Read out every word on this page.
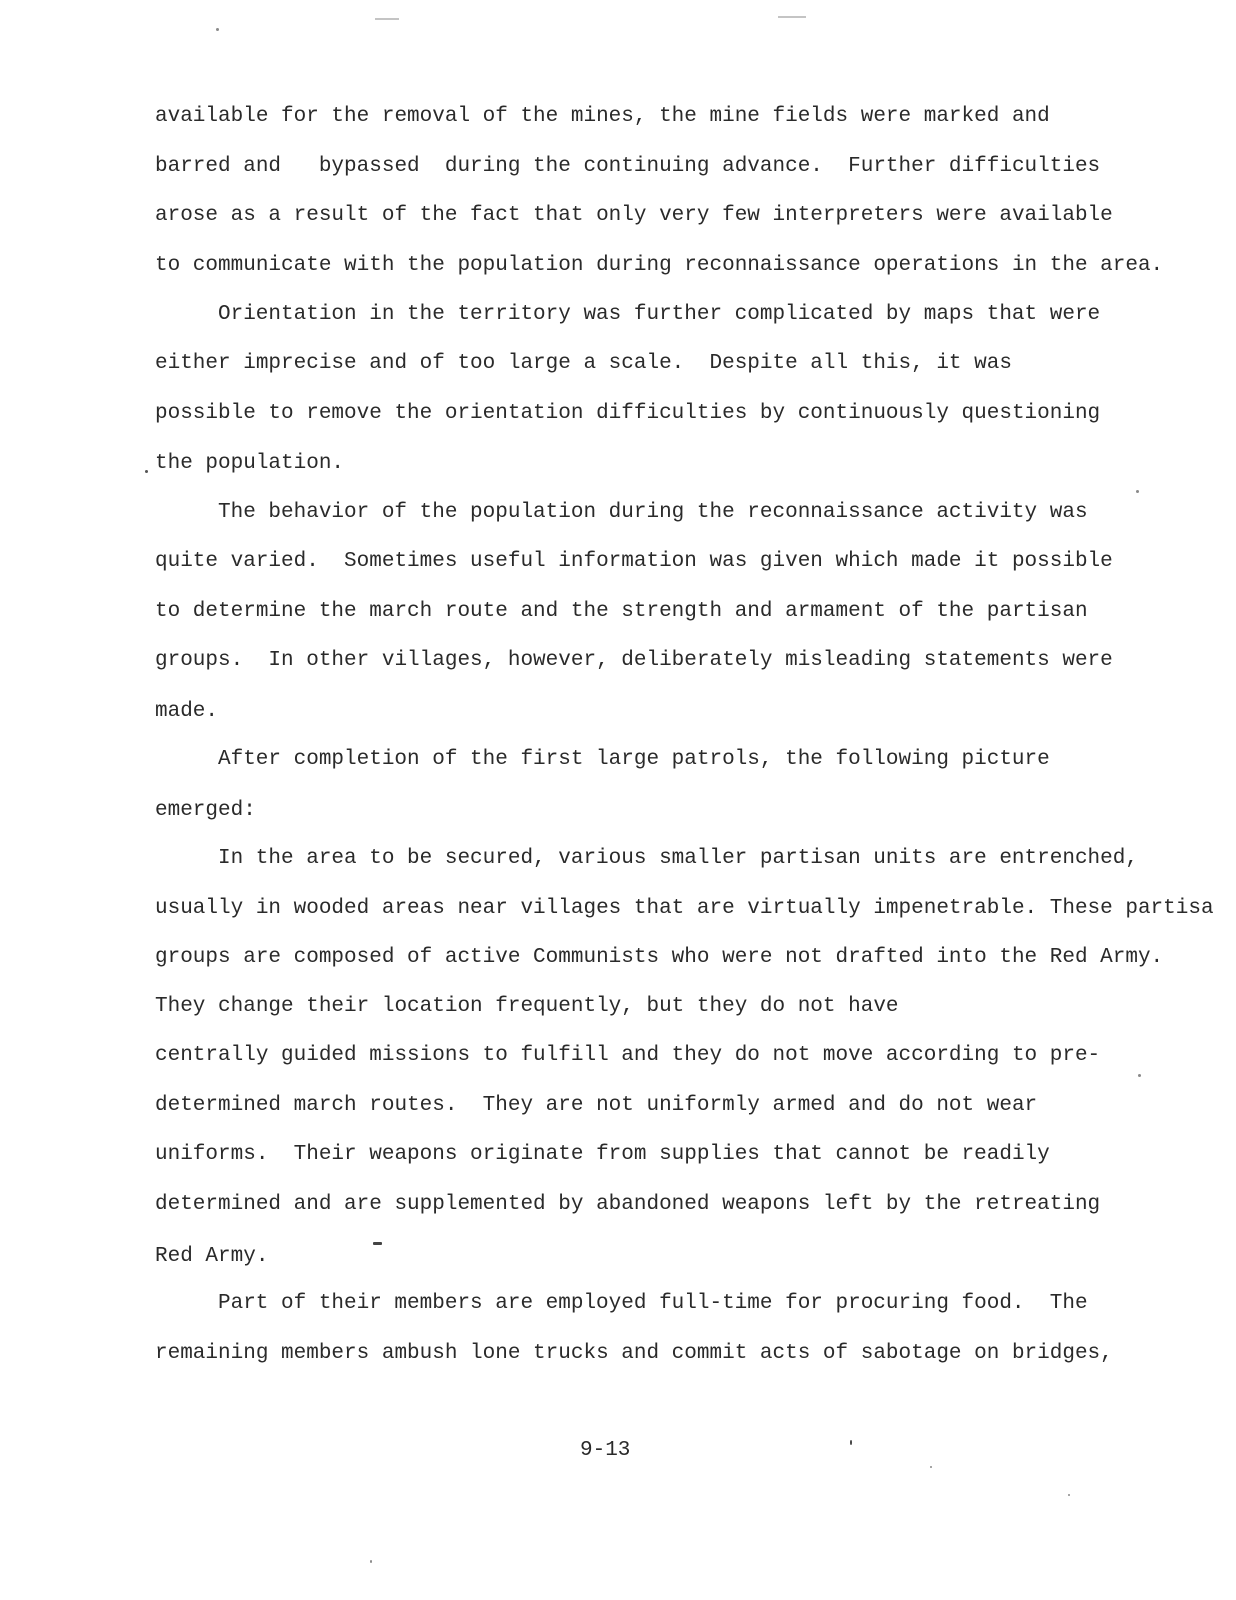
available for the removal of the mines, the mine fields were marked and
barred and   bypassed  during the continuing advance.  Further difficulties
arose as a result of the fact that only very few interpreters were available
to communicate with the population during reconnaissance operations in the area.
Orientation in the territory was further complicated by maps that were
either imprecise and of too large a scale.  Despite all this, it was
possible to remove the orientation difficulties by continuously questioning
the population.
The behavior of the population during the reconnaissance activity was
quite varied.  Sometimes useful information was given which made it possible
to determine the march route and the strength and armament of the partisan
groups.  In other villages, however, deliberately misleading statements were
made.
After completion of the first large patrols, the following picture
emerged:
In the area to be secured, various smaller partisan units are entrenched,
usually in wooded areas near villages that are virtually impenetrable. These partisa
groups are composed of active Communists who were not drafted into the Red Army.
They change their location frequently, but they do not have
centrally guided missions to fulfill and they do not move according to pre-
determined march routes.  They are not uniformly armed and do not wear
uniforms.  Their weapons originate from supplies that cannot be readily
determined and are supplemented by abandoned weapons left by the retreating
Red Army.
Part of their members are employed full-time for procuring food.  The
remaining members ambush lone trucks and commit acts of sabotage on bridges,
9-13
